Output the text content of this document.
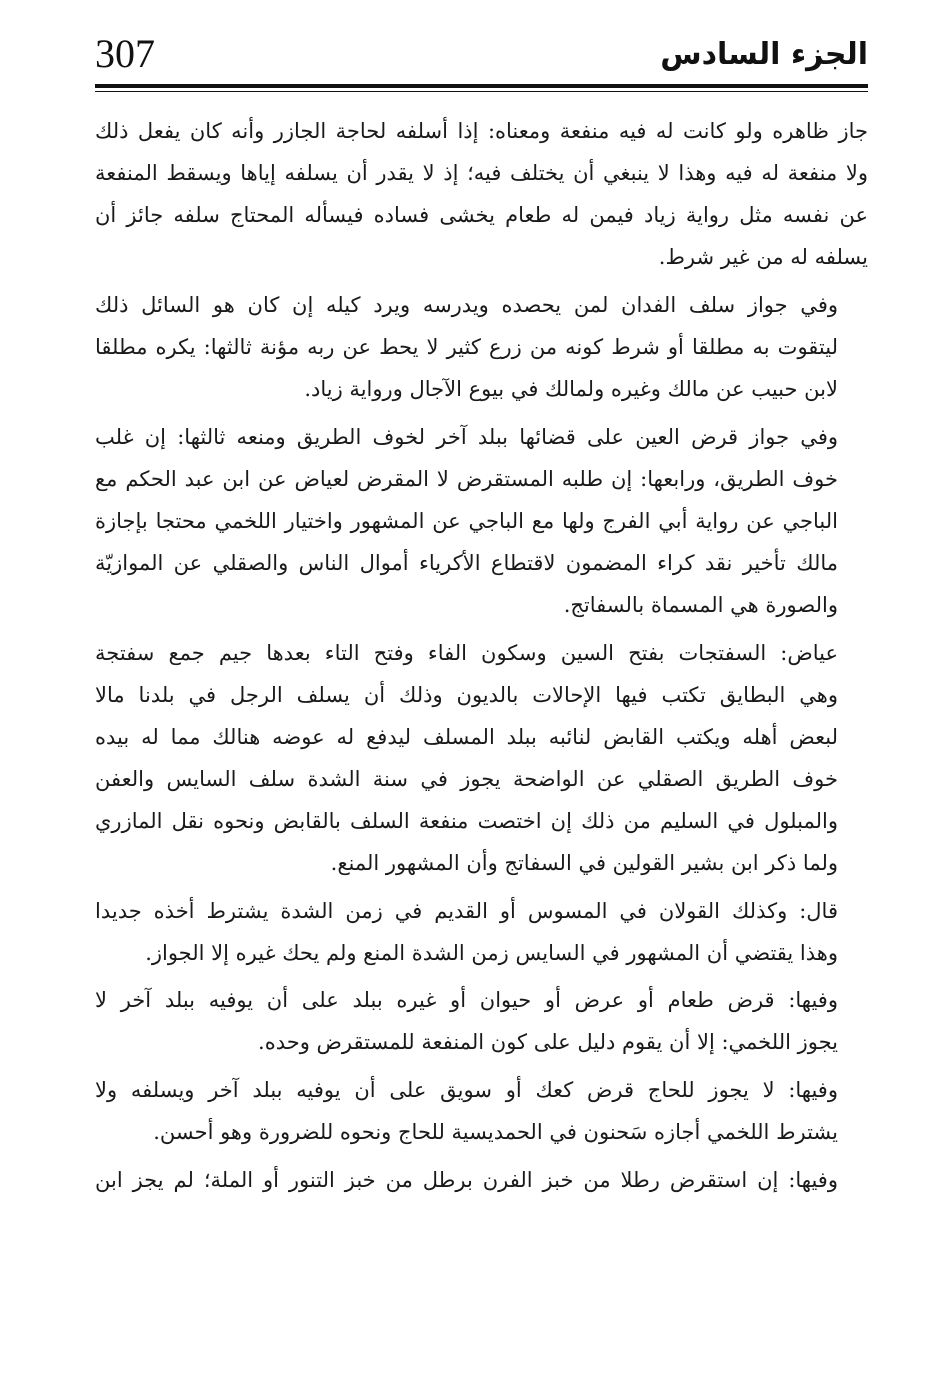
307	الجزء السادس

جاز ظاهره ولو كانت له فيه منفعة ومعناه: إذا أسلفه لحاجة الجازر وأنه كان يفعل ذلك
ولا منفعة له فيه وهذا لا ينبغي أن يختلف فيه؛ إذ لا يقدر أن يسلفه إياها ويسقط المنفعة
عن نفسه مثل رواية زياد فيمن له طعام يخشى فساده فيسأله المحتاج سلفه جائز أن
يسلفه له من غير شرط.

وفي جواز سلف الفدان لمن يحصده ويدرسه ويرد كيله إن كان هو السائل ذلك
ليتقوت به مطلقا أو شرط كونه من زرع كثير لا يحط عن ربه مؤنة ثالثها: يكره مطلقا
لابن حبيب عن مالك وغيره ولمالك في بيوع الآجال ورواية زياد.

وفي جواز قرض العين على قضائها ببلد آخر لخوف الطريق ومنعه ثالثها: إن غلب
خوف الطريق، ورابعها: إن طلبه المستقرض لا المقرض لعياض عن ابن عبد الحكم مع
الباجي عن رواية أبي الفرج ولها مع الباجي عن المشهور واختيار اللخمي محتجا بإجازة
مالك تأخير نقد كراء المضمون لاقتطاع الأكرياء أموال الناس والصقلي عن الموازيّة
والصورة هي المسماة بالسفاتج.

عياض: السفتجات بفتح السين وسكون الفاء وفتح التاء بعدها جيم جمع سفتجة
وهي البطايق تكتب فيها الإحالات بالديون وذلك أن يسلف الرجل في بلدنا مالا
لبعض أهله ويكتب القابض لنائبه ببلد المسلف ليدفع له عوضه هنالك مما له بيده
خوف الطريق الصقلي عن الواضحة يجوز في سنة الشدة سلف السايس والعفن
والمبلول في السليم من ذلك إن اختصت منفعة السلف بالقابض ونحوه نقل المازري
ولما ذكر ابن بشير القولين في السفاتج وأن المشهور المنع.

قال: وكذلك القولان في المسوس أو القديم في زمن الشدة يشترط أخذه جديدا
وهذا يقتضي أن المشهور في السايس زمن الشدة المنع ولم يحك غيره إلا الجواز.

وفيها: قرض طعام أو عرض أو حيوان أو غيره ببلد على أن يوفيه ببلد آخر لا
يجوز اللخمي: إلا أن يقوم دليل على كون المنفعة للمستقرض وحده.

وفيها: لا يجوز للحاج قرض كعك أو سويق على أن يوفيه ببلد آخر ويسلفه ولا
يشترط اللخمي أجازه سَحنون في الحمديسية للحاج ونحوه للضرورة وهو أحسن.

وفيها: إن استقرض رطلا من خبز الفرن برطل من خبز التنور أو الملة؛ لم يجز ابن
